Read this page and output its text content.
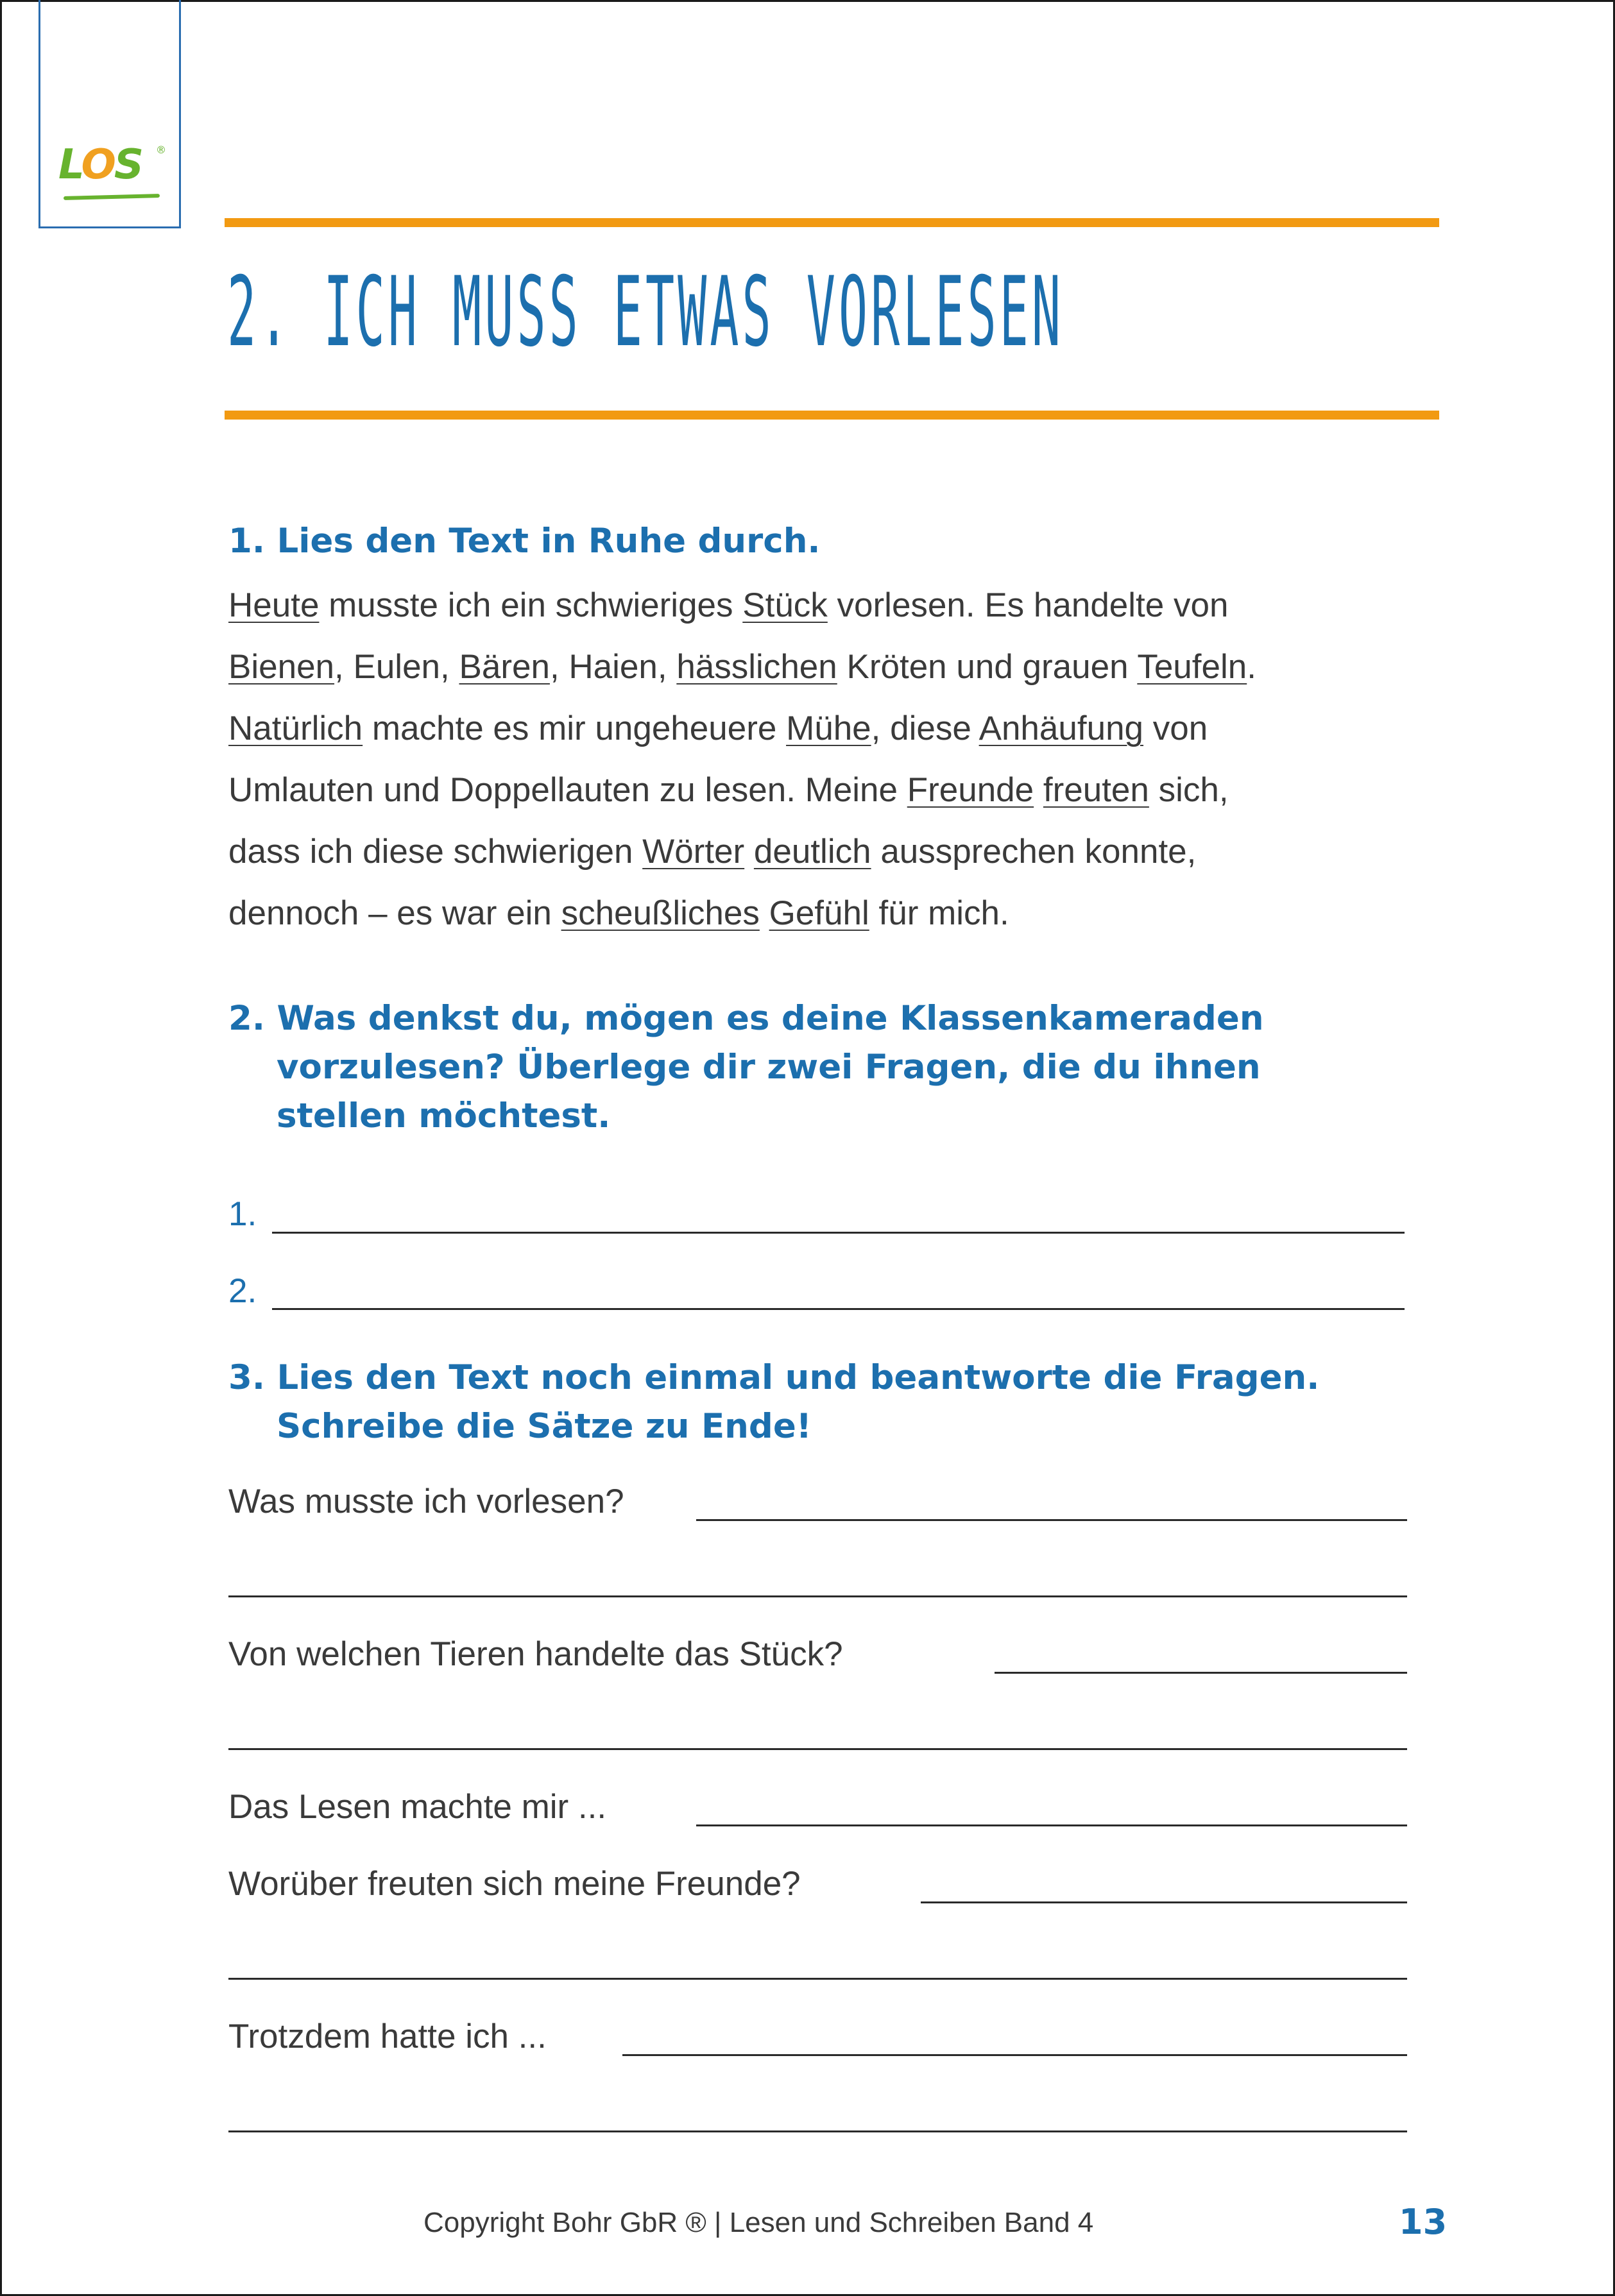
LOS ®
2. ICH MUSS ETWAS VORLESEN
1. Lies den Text in Ruhe durch.
Heute musste ich ein schwieriges Stück vorlesen. Es handelte von
Bienen, Eulen, Bären, Haien, hässlichen Kröten und grauen Teufeln.
Natürlich machte es mir ungeheuere Mühe, diese Anhäufung von
Umlauten und Doppellauten zu lesen. Meine Freunde freuten sich,
dass ich diese schwierigen Wörter deutlich aussprechen konnte,
dennoch – es war ein scheußliches Gefühl für mich.
2. Was denkst du, mögen es deine Klassenkameraden
vorzulesen? Überlege dir zwei Fragen, die du ihnen
stellen möchtest.
1.
2.
3. Lies den Text noch einmal und beantworte die Fragen.
Schreibe die Sätze zu Ende!
Was musste ich vorlesen?
Von welchen Tieren handelte das Stück?
Das Lesen machte mir ...
Worüber freuten sich meine Freunde?
Trotzdem hatte ich ...
Copyright Bohr GbR ® | Lesen und Schreiben Band 4	13
